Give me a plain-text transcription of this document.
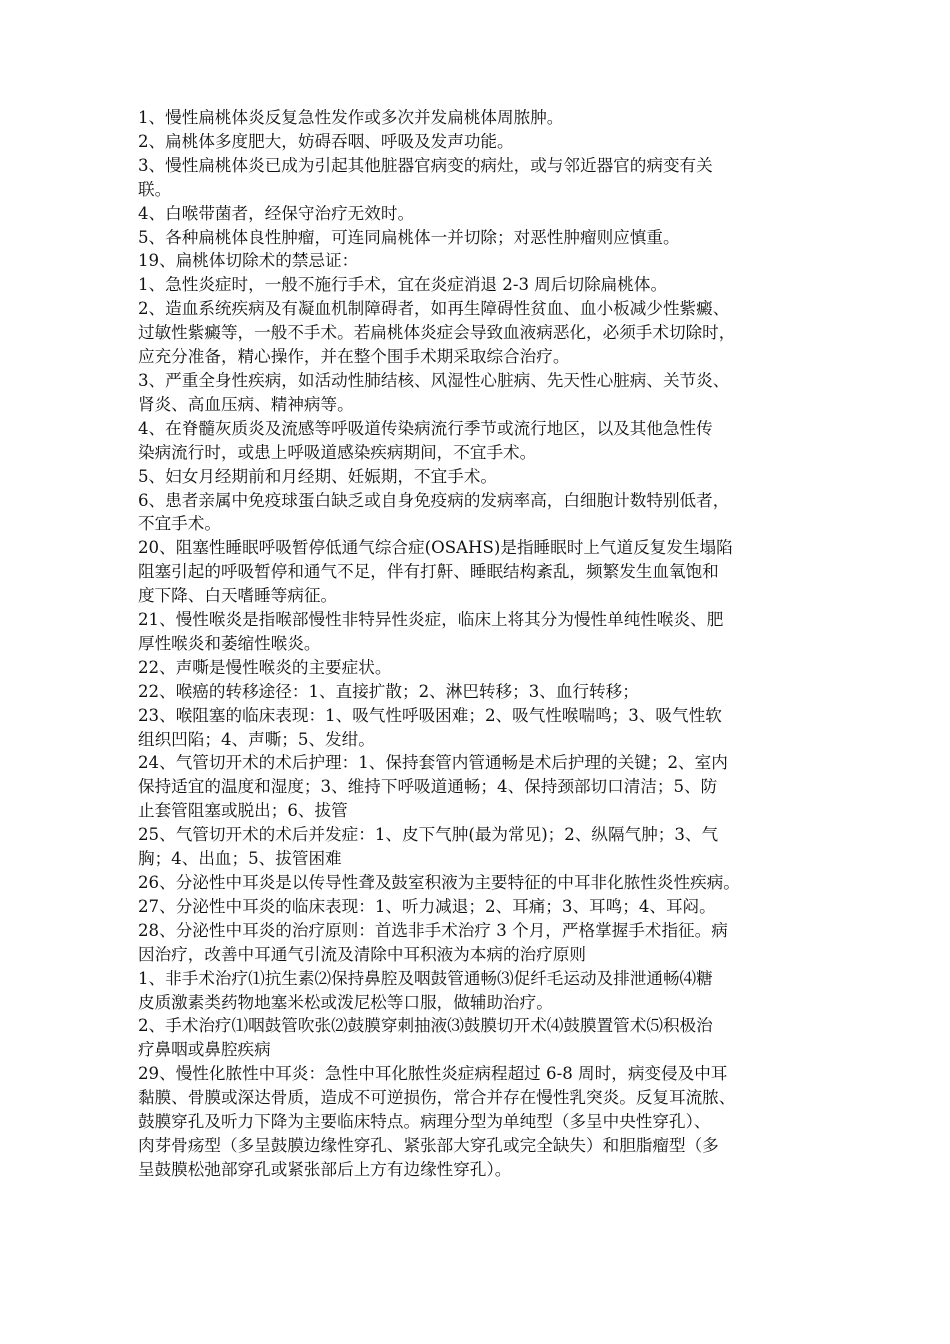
1、慢性扁桃体炎反复急性发作或多次并发扁桃体周脓肿。

2、扁桃体多度肥大，妨碍吞咽、呼吸及发声功能。

3、慢性扁桃体炎已成为引起其他脏器官病变的病灶，或与邻近器官的病变有关
联。

4、白喉带菌者，经保守治疗无效时。

5、各种扁桃体良性肿瘤，可连同扁桃体一并切除；对恶性肿瘤则应慎重。

19、扁桃体切除术的禁忌证：

1、急性炎症时，一般不施行手术，宜在炎症消退 2-3 周后切除扁桃体。

2、造血系统疾病及有凝血机制障碍者，如再生障碍性贫血、血小板减少性紫癜、
过敏性紫癜等，一般不手术。若扁桃体炎症会导致血液病恶化，必须手术切除时，
应充分准备，精心操作，并在整个围手术期采取综合治疗。

3、严重全身性疾病，如活动性肺结核、风湿性心脏病、先天性心脏病、关节炎、
肾炎、高血压病、精神病等。

4、在脊髓灰质炎及流感等呼吸道传染病流行季节或流行地区，以及其他急性传
染病流行时，或患上呼吸道感染疾病期间，不宜手术。

5、妇女月经期前和月经期、妊娠期，不宜手术。

6、患者亲属中免疫球蛋白缺乏或自身免疫病的发病率高，白细胞计数特别低者，
不宜手术。

20、阻塞性睡眠呼吸暂停低通气综合症(OSAHS)是指睡眠时上气道反复发生塌陷
阻塞引起的呼吸暂停和通气不足，伴有打鼾、睡眠结构紊乱，频繁发生血氧饱和
度下降、白天嗜睡等病征。

21、慢性喉炎是指喉部慢性非特异性炎症，临床上将其分为慢性单纯性喉炎、肥
厚性喉炎和萎缩性喉炎。

22、声嘶是慢性喉炎的主要症状。

22、喉癌的转移途径：1、直接扩散；2、淋巴转移；3、血行转移；

23、喉阻塞的临床表现：1、吸气性呼吸困难；2、吸气性喉喘鸣；3、吸气性软
组织凹陷；4、声嘶；5、发绀。

24、气管切开术的术后护理：1、保持套管内管通畅是术后护理的关键；2、室内
保持适宜的温度和湿度；3、维持下呼吸道通畅；4、保持颈部切口清洁；5、防
止套管阻塞或脱出；6、拔管

25、气管切开术的术后并发症：1、皮下气肿(最为常见)；2、纵隔气肿；3、气
胸；4、出血；5、拔管困难

26、分泌性中耳炎是以传导性聋及鼓室积液为主要特征的中耳非化脓性炎性疾病。

27、分泌性中耳炎的临床表现：1、听力减退；2、耳痛；3、耳鸣；4、耳闷。

28、分泌性中耳炎的治疗原则：首选非手术治疗 3 个月，严格掌握手术指征。病
因治疗，改善中耳通气引流及清除中耳积液为本病的治疗原则

1、非手术治疗⑴抗生素⑵保持鼻腔及咽鼓管通畅⑶促纤毛运动及排泄通畅⑷糖
皮质激素类药物地塞米松或泼尼松等口服，做辅助治疗。

2、手术治疗⑴咽鼓管吹张⑵鼓膜穿刺抽液⑶鼓膜切开术⑷鼓膜置管术⑸积极治
疗鼻咽或鼻腔疾病

29、慢性化脓性中耳炎：急性中耳化脓性炎症病程超过 6-8 周时，病变侵及中耳
黏膜、骨膜或深达骨质，造成不可逆损伤，常合并存在慢性乳突炎。反复耳流脓、
鼓膜穿孔及听力下降为主要临床特点。病理分型为单纯型（多呈中央性穿孔）、
肉芽骨疡型（多呈鼓膜边缘性穿孔、紧张部大穿孔或完全缺失）和胆脂瘤型（多
呈鼓膜松弛部穿孔或紧张部后上方有边缘性穿孔）。
